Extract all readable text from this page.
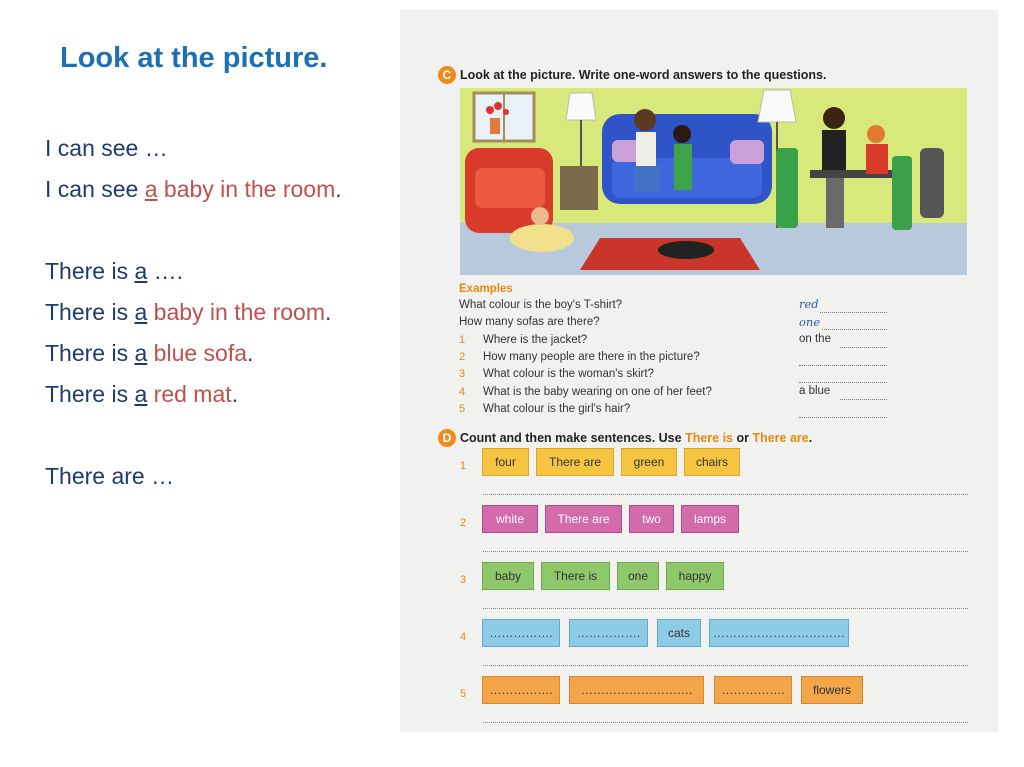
Look at the picture.
I can see …
I can see a baby in the room.
There is a ….
There is a baby in the room.
There is a blue sofa.
There is a red mat.
There are …
C Look at the picture. Write one-word answers to the questions.
Examples
What colour is the boy's T-shirt?	red
How many sofas are there?	one
1 Where is the jacket?	on the
2 How many people are there in the picture?
3 What colour is the woman's skirt?
4 What is the baby wearing on one of her feet?	a blue
5 What colour is the girl's hair?
D Count and then make sentences. Use There is or There are.
1	four	There are	green	chairs
2	white	There are	two	lamps
3	baby	There is	one	happy
4	…………….	…………….	cats	……………………………
5	…………….	……………………….	…………….	flowers
